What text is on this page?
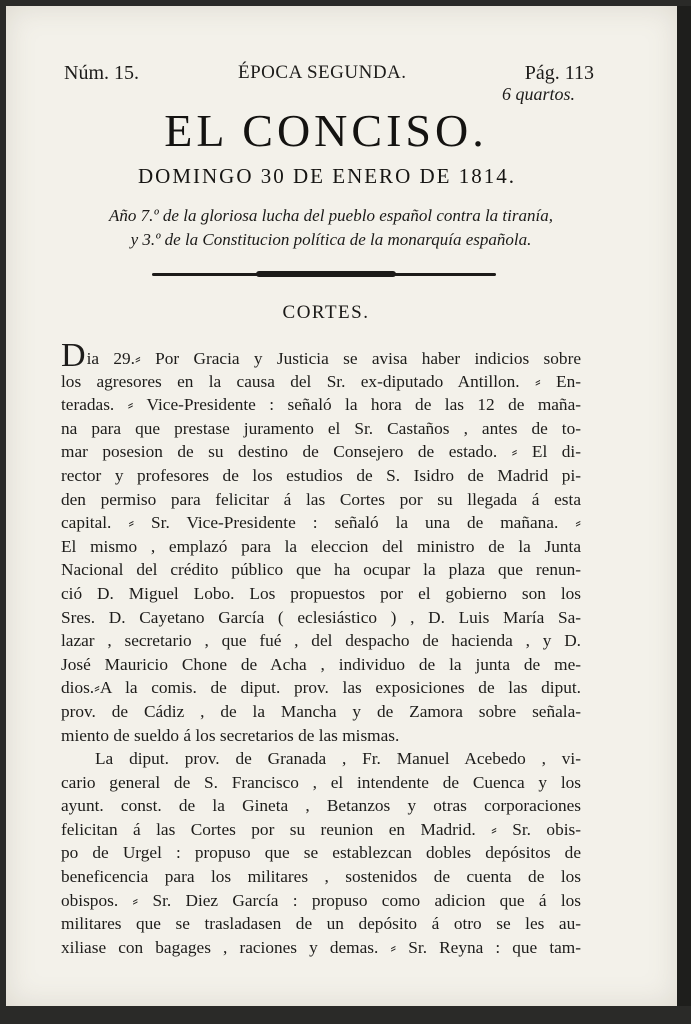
Núm. 15.	ÉPOCA SEGUNDA.	Pág. 113
6 quartos.
EL CONCISO.
DOMINGO 30 DE ENERO DE 1814.
Año 7.º de la gloriosa lucha del pueblo español contra la tiranía,
y 3.º de la Constitucion política de la monarquía española.
CORTES.
Dia 29.⸗ Por Gracia y Justicia se avisa haber indicios sobre
los agresores en la causa del Sr. ex-diputado Antillon. ⸗ En-
teradas. ⸗ Vice-Presidente : señaló la hora de las 12 de maña-
na para que prestase juramento el Sr. Castaños , antes de to-
mar posesion de su destino de Consejero de estado. ⸗ El di-
rector y profesores de los estudios de S. Isidro de Madrid pi-
den permiso para felicitar á las Cortes por su llegada á esta
capital. ⸗ Sr. Vice-Presidente : señaló la una de mañana. ⸗
El mismo , emplazó para la eleccion del ministro de la Junta
Nacional del crédito público que ha ocupar la plaza que renun-
ció D. Miguel Lobo. Los propuestos por el gobierno son los
Sres. D. Cayetano García ( eclesiástico ) , D. Luis María Sa-
lazar , secretario , que fué , del despacho de hacienda , y D.
José Mauricio Chone de Acha , individuo de la junta de me-
dios.⸗A la comis. de diput. prov. las exposiciones de las diput.
prov. de Cádiz , de la Mancha y de Zamora sobre señala-
miento de sueldo á los secretarios de las mismas.
La diput. prov. de Granada , Fr. Manuel Acebedo , vi-
cario general de S. Francisco , el intendente de Cuenca y los
ayunt. const. de la Gineta , Betanzos y otras corporaciones
felicitan á las Cortes por su reunion en Madrid. ⸗ Sr. obis-
po de Urgel : propuso que se establezcan dobles depósitos de
beneficencia para los militares , sostenidos de cuenta de los
obispos. ⸗ Sr. Diez García : propuso como adicion que á los
militares que se trasladasen de un depósito á otro se les au-
xiliase con bagages , raciones y demas. ⸗ Sr. Reyna : que tam-
